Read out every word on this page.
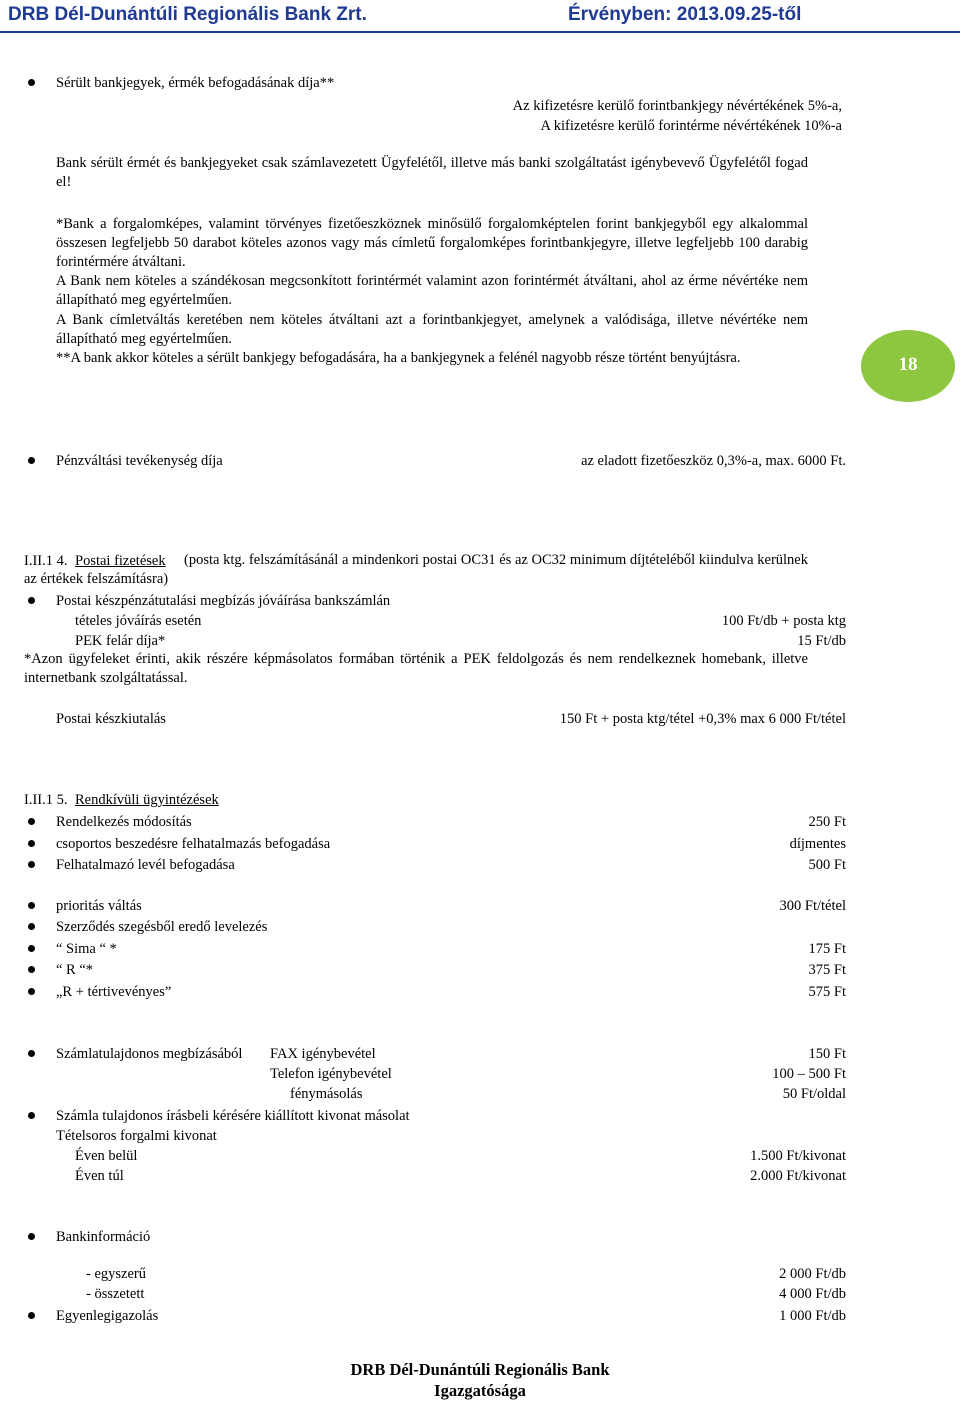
DRB Dél-Dunántúli Regionális Bank Zrt.	Érvényben: 2013.09.25-től
Sérült bankjegyek, érmék befogadásának díja**
Az kifizetésre kerülő forintbankjegy névértékének 5%-a,
A kifizetésre kerülő forintérme névértékének 10%-a
Bank sérült érmét és bankjegyeket csak számlavezetett Ügyfelétől, illetve más banki szolgáltatást igénybevevő Ügyfelétől fogad el!
*Bank a forgalomképes, valamint törvényes fizetőeszköznek minősülő forgalomképtelen forint bankjegyből egy alkalommal összesen legfeljebb 50 darabot köteles azonos vagy más címletű forgalomképes forintbankjegyre, illetve legfeljebb 100 darabig forintérmére átváltani.
A Bank nem köteles a szándékosan megcsonkított forintérmét valamint azon forintérmét átváltani, ahol az érme névértéke nem állapítható meg egyértelműen.
A Bank címletváltás keretében nem köteles átváltani azt a forintbankjegyet, amelynek a valódisága, illetve névértéke nem állapítható meg egyértelműen.
**A bank akkor köteles a sérült bankjegy befogadására, ha a bankjegynek a felénél nagyobb része történt benyújtásra.	18
Pénzváltási tevékenység díja	az eladott fizetőeszköz 0,3%-a, max. 6000 Ft.
I.II.1 4. Postai fizetések	(posta ktg. felszámításánál a mindenkori postai OC31 és az OC32 minimum díjtételéből kiindulva kerülnek az értékek felszámításra)
Postai készpénzátutalási megbízás jóváírása bankszámlán
tételes jóváírás esetén	100 Ft/db + posta ktg
PEK felár díja*	15 Ft/db
*Azon ügyfeleket érinti, akik részére képmásolatos formában történik a PEK feldolgozás és nem rendelkeznek homebank, illetve internetbank szolgáltatással.
Postai készkiutalás	150 Ft + posta ktg/tétel +0,3% max 6 000 Ft/tétel
I.II.1 5. Rendkívüli ügyintézések
Rendelkezés módosítás	250 Ft
csoportos beszedésre felhatalmazás befogadása	díjmentes
Felhatalmazó levél befogadása	500 Ft
prioritás váltás	300 Ft/tétel
Szerződés szegésből eredő levelezés
“ Sima “ *	175 Ft
“ R “*	375 Ft
„R + tértivevényes”	575 Ft
Számlatulajdonos megbízásából FAX igénybevétel	150 Ft
Telefon igénybevétel	100 – 500 Ft
fénymásolás	50 Ft/oldal
Számla tulajdonos írásbeli kérésére kiállított kivonat másolat
Tételsoros forgalmi kivonat
Éven belül	1.500 Ft/kivonat
Éven túl	2.000 Ft/kivonat
Bankinformáció
- egyszerű	2 000 Ft/db
- összetett	4 000 Ft/db
Egyenlegigazolás	1 000 Ft/db
DRB Dél-Dunántúli Regionális Bank
Igazgatósága
